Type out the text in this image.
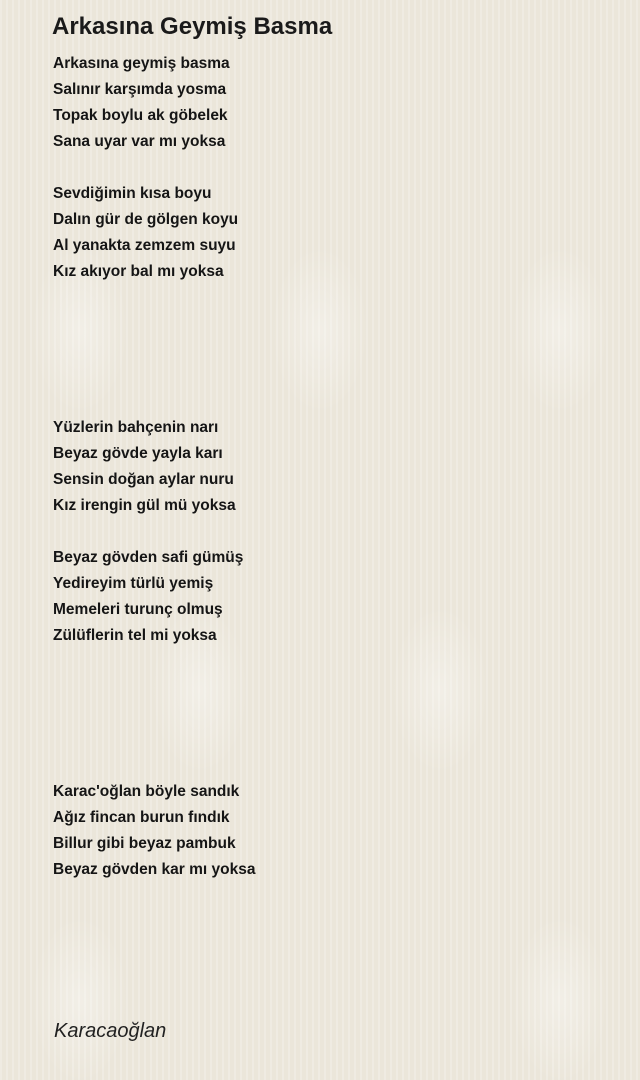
Arkasına Geymiş Basma
Arkasına geymiş basma
Salınır karşımda yosma
Topak boylu ak göbelek
Sana uyar var mı yoksa
Sevdiğimin kısa boyu
Dalın gür de gölgen koyu
Al yanakta zemzem suyu
Kız akıyor bal mı yoksa
Yüzlerin bahçenin narı
Beyaz gövde yayla karı
Sensin doğan aylar nuru
Kız irengin gül mü yoksa
Beyaz gövden safi gümüş
Yedireyim türlü yemiş
Memeleri turunç olmuş
Zülüflerin tel mi yoksa
Karac'oğlan böyle sandık
Ağız fincan burun fındık
Billur gibi beyaz pambuk
Beyaz gövden kar mı yoksa
Karacaoğlan
